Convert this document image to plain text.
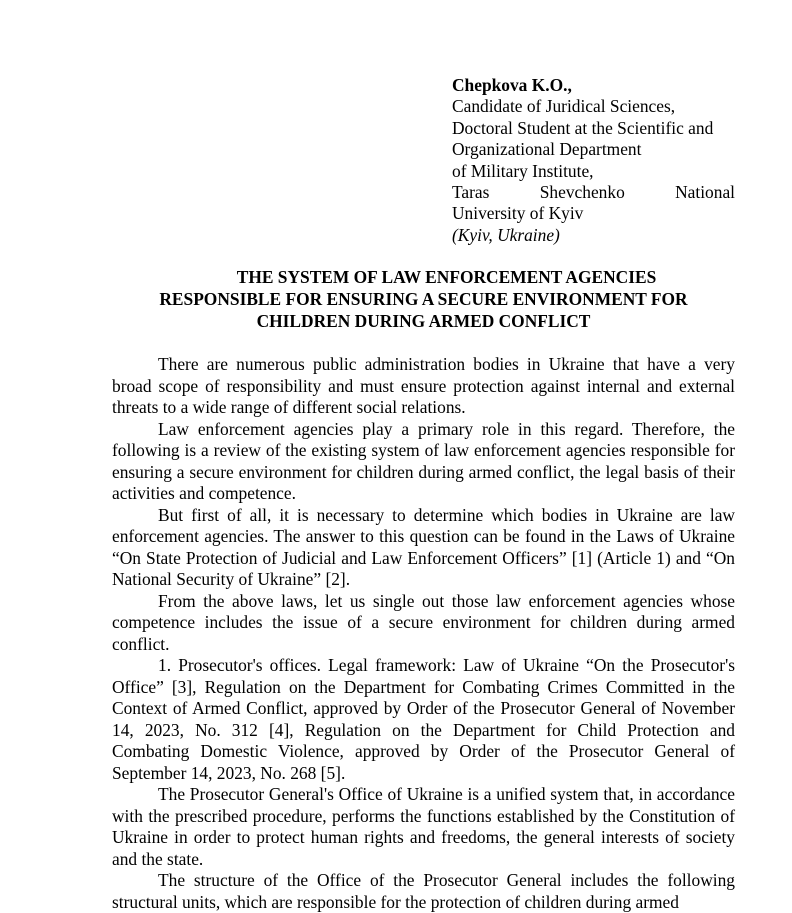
Chepkova K.O.,
Candidate of Juridical Sciences,
Doctoral Student at the Scientific and
Organizational Department
of Military Institute,
Taras Shevchenko National
University of Kyiv
(Kyiv, Ukraine)
THE SYSTEM OF LAW ENFORCEMENT AGENCIES
RESPONSIBLE FOR ENSURING A SECURE ENVIRONMENT FOR
CHILDREN DURING ARMED CONFLICT

There are numerous public administration bodies in Ukraine that have a very broad scope of responsibility and must ensure protection against internal and external threats to a wide range of different social relations.

Law enforcement agencies play a primary role in this regard. Therefore, the following is a review of the existing system of law enforcement agencies responsible for ensuring a secure environment for children during armed conflict, the legal basis of their activities and competence.

But first of all, it is necessary to determine which bodies in Ukraine are law enforcement agencies. The answer to this question can be found in the Laws of Ukraine “On State Protection of Judicial and Law Enforcement Officers” [1] (Article 1) and “On National Security of Ukraine” [2].

From the above laws, let us single out those law enforcement agencies whose competence includes the issue of a secure environment for children during armed conflict.

1. Prosecutor's offices. Legal framework: Law of Ukraine “On the Prosecutor's Office” [3], Regulation on the Department for Combating Crimes Committed in the Context of Armed Conflict, approved by Order of the Prosecutor General of November 14, 2023, No. 312 [4], Regulation on the Department for Child Protection and Combating Domestic Violence, approved by Order of the Prosecutor General of September 14, 2023, No. 268 [5].

The Prosecutor General's Office of Ukraine is a unified system that, in accordance with the prescribed procedure, performs the functions established by the Constitution of Ukraine in order to protect human rights and freedoms, the general interests of society and the state.

The structure of the Office of the Prosecutor General includes the following structural units, which are responsible for the protection of children during armed
